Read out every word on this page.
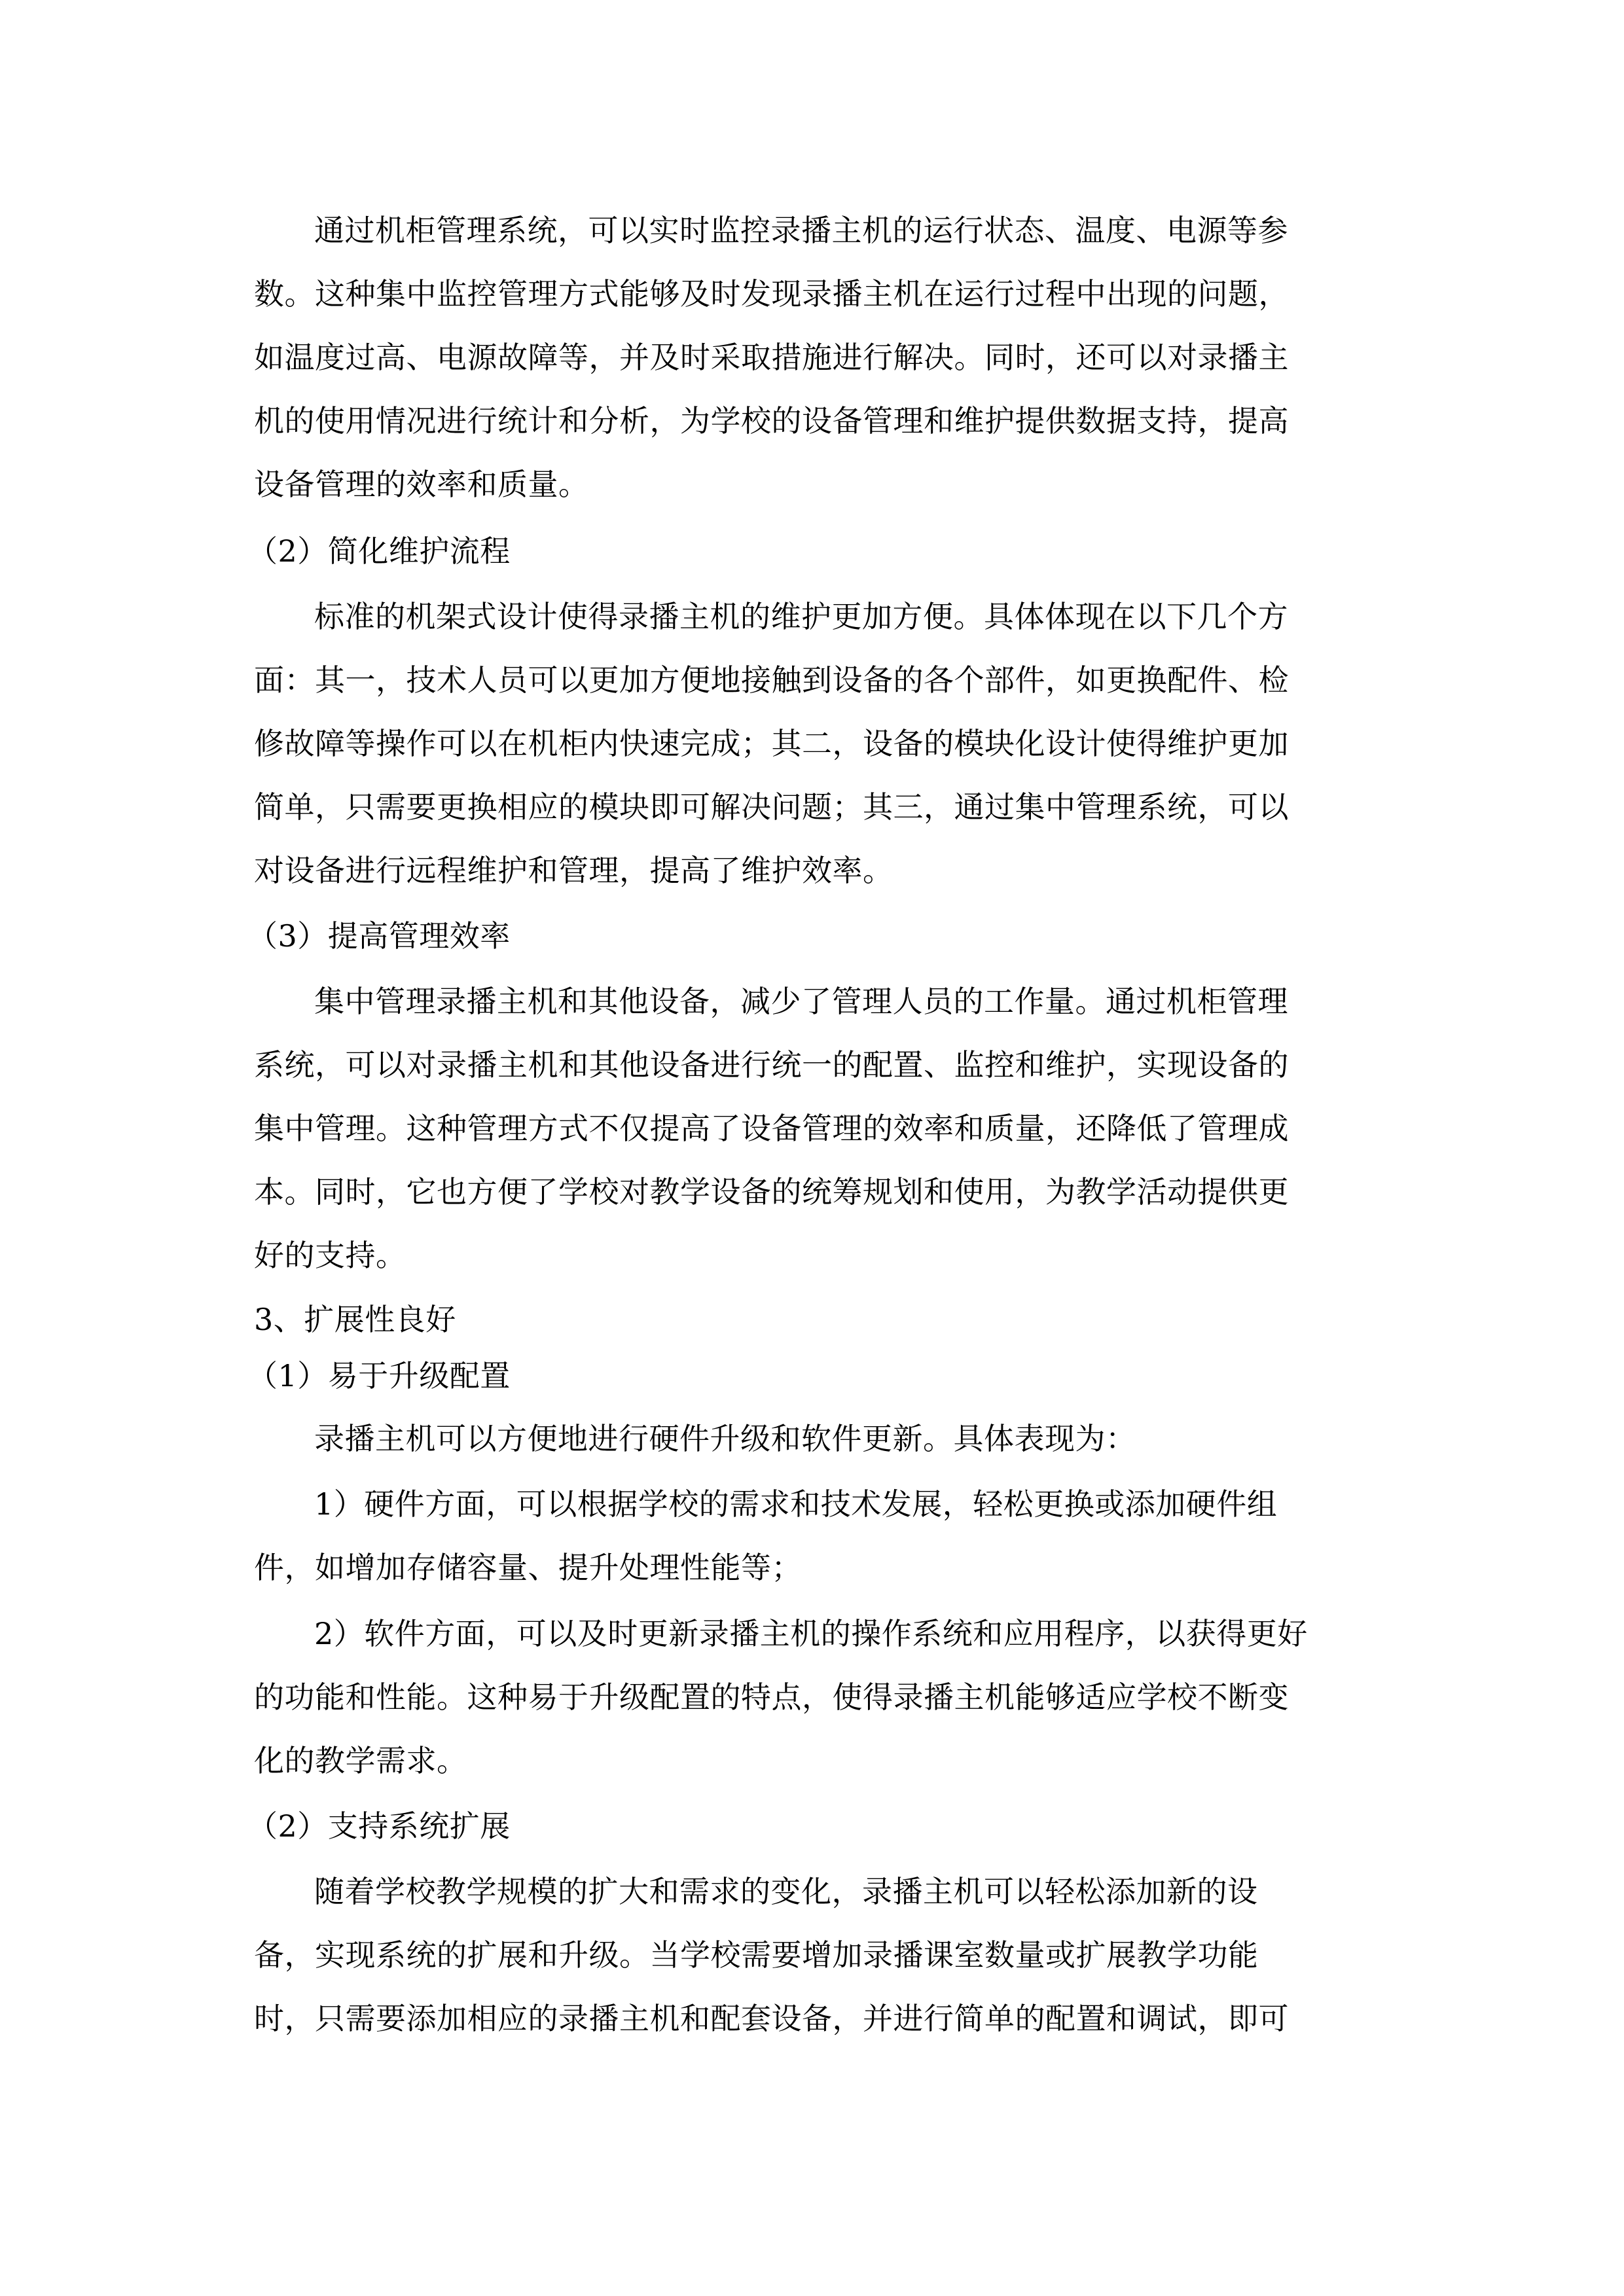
通过机柜管理系统，可以实时监控录播主机的运行状态、温度、电源等参
数。这种集中监控管理方式能够及时发现录播主机在运行过程中出现的问题，
如温度过高、电源故障等，并及时采取措施进行解决。同时，还可以对录播主
机的使用情况进行统计和分析，为学校的设备管理和维护提供数据支持，提高
设备管理的效率和质量。
（2）简化维护流程
标准的机架式设计使得录播主机的维护更加方便。具体体现在以下几个方
面：其一，技术人员可以更加方便地接触到设备的各个部件，如更换配件、检
修故障等操作可以在机柜内快速完成；其二，设备的模块化设计使得维护更加
简单，只需要更换相应的模块即可解决问题；其三，通过集中管理系统，可以
对设备进行远程维护和管理，提高了维护效率。
（3）提高管理效率
集中管理录播主机和其他设备，减少了管理人员的工作量。通过机柜管理
系统，可以对录播主机和其他设备进行统一的配置、监控和维护，实现设备的
集中管理。这种管理方式不仅提高了设备管理的效率和质量，还降低了管理成
本。同时，它也方便了学校对教学设备的统筹规划和使用，为教学活动提供更
好的支持。
3、扩展性良好
（1）易于升级配置
录播主机可以方便地进行硬件升级和软件更新。具体表现为：
1）硬件方面，可以根据学校的需求和技术发展，轻松更换或添加硬件组
件，如增加存储容量、提升处理性能等；
2）软件方面，可以及时更新录播主机的操作系统和应用程序，以获得更好
的功能和性能。这种易于升级配置的特点，使得录播主机能够适应学校不断变
化的教学需求。
（2）支持系统扩展
随着学校教学规模的扩大和需求的变化，录播主机可以轻松添加新的设
备，实现系统的扩展和升级。当学校需要增加录播课室数量或扩展教学功能
时，只需要添加相应的录播主机和配套设备，并进行简单的配置和调试，即可
